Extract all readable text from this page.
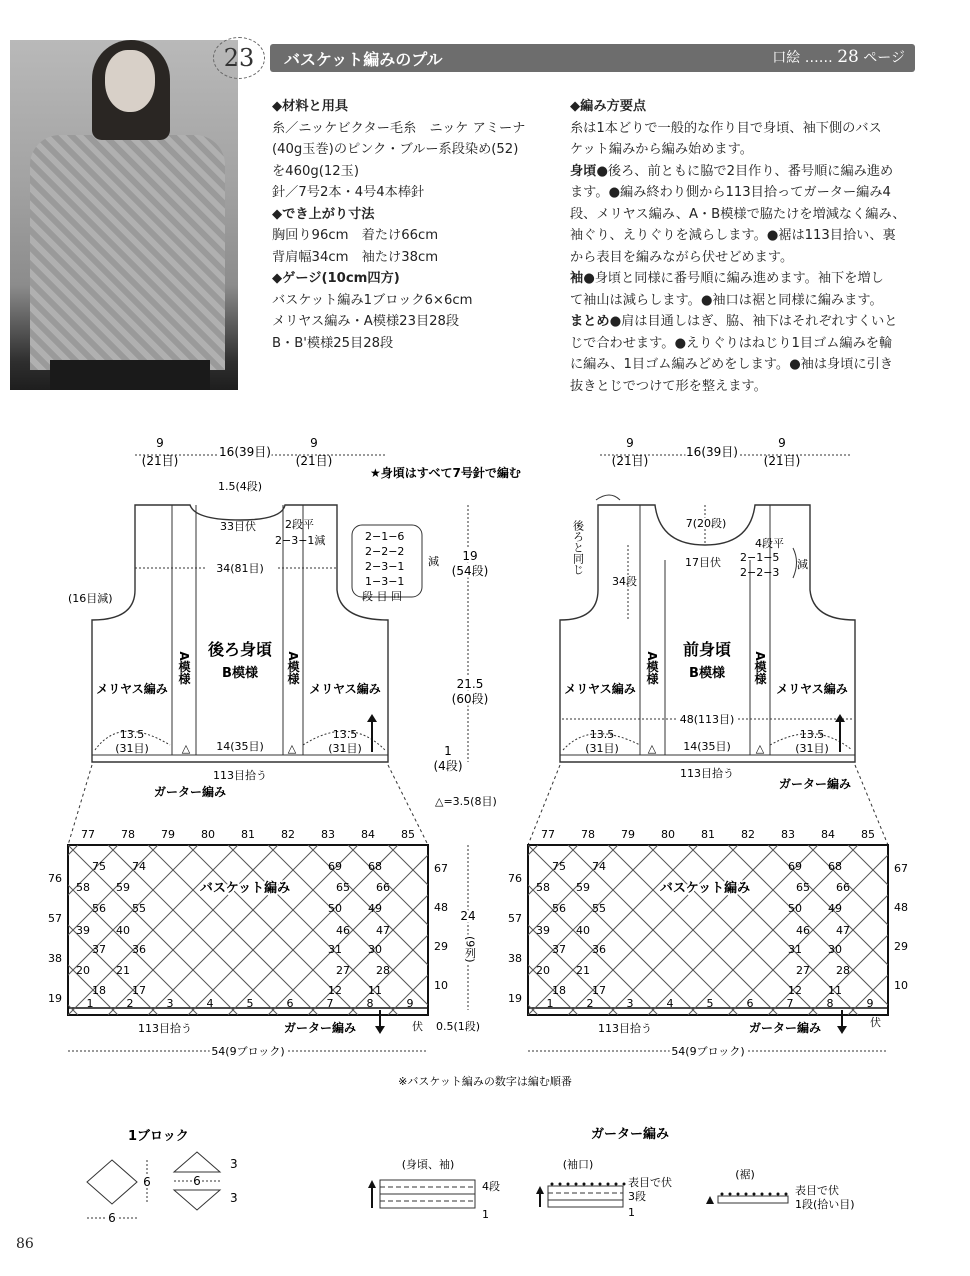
23	バスケット編みのプル	口絵 …… 28 ページ
◆材料と用具

糸／ニッケビクター毛糸　ニッケ アミーナ

(40g玉巻)のピンク・ブルー系段染め(52)

を460g(12玉)

針／7号2本・4号4本棒針

◆でき上がり寸法

胸回り96cm　着たけ66cm

背肩幅34cm　袖たけ38cm

◆ゲージ(10cm四方)

バスケット編み1ブロック6×6cm

メリヤス編み・A模様23目28段

B・B'模様25目28段

◆編み方要点

糸は1本どりで一般的な作り目で身頃、袖下側のバス

ケット編みから編み始めます。

身頃●後ろ、前ともに脇で2目作り、番号順に編み進め

ます。●編み終わり側から113目拾ってガーター編み4

段、メリヤス編み、A・B模様で脇たけを増減なく編み、

袖ぐり、えりぐりを減らします。●裾は113目拾い、裏

から表目を編みながら伏せどめます。

袖●身頃と同様に番号順に編み進めます。袖下を増し

て袖山は減らします。●袖口は裾と同様に編みます。

まとめ●肩は目通しはぎ、脇、袖下はそれぞれすくいと

じで合わせます。●えりぐりはねじり1目ゴム編みを輪

に編み、1目ゴム編みどめをします。●袖は身頃に引き

抜きとじでつけて形を整えます。

★身頃はすべて7号針で編む
9
(21目)
16(39目)
9
(21目)
1.5(4段)
33目伏	2段平
2−3−1減
34(81目)
2−1−6
2−2−2
2−3−1
1−3−1
段 目 回
減
(16目減)
後ろ身頃
B模様
メリヤス編み	メリヤス編み
A模様	A模様
13.5
(31目)	14(35目)
13.5
(31目)
△	△
113目拾う
ガーター編み
19
(54段)
21.5
(60段)
1
(4段)
△=3.5(8目)
9
(21目)
16(39目)
9
(21目)
7(20段)
4段平
17目伏 2−1−5
2−2−3
減
後ろと同じ
34段
前身頃
B模様
メリヤス編み	メリヤス編み
A模様	A模様
48(113目)
13.5
(31目)	14(35目)
13.5
(31目)
△	△
113目拾う
ガーター編み
77 78 79 80 81 82 83 84 85
1	2	3	4	5	6	7	8	9
76
57
38
19
67
48
29
10
75 74
58 59
56 55
39 40
37 36
20 21
18 17
69 68
65 66
50 49
46 47
31 30
27 28
12 11
77 78 79 80 81 82 83 84 85
1	2	3	4	5	6	7	8	9
76
57
38
19
67
48
29
10
75 74
58 59
56 55
39 40
37 36
20 21
18 17
69 68
65 66
50 49
46 47
31 30
27 28
12 11
バスケット編み	バスケット編み
113目拾う	ガーター編み	伏	113目拾う	ガーター編み	伏
0.5(1段)
54(9ブロック)	54(9ブロック)
※バスケット編みの数字は編む順番
24
(9列)
1ブロック
6
6
6
3
3
ガーター編み
(身頃、袖)
4段
1
(袖口)
表目で伏
3段
1
(裾)
表目で伏
1段(拾い目)
86
